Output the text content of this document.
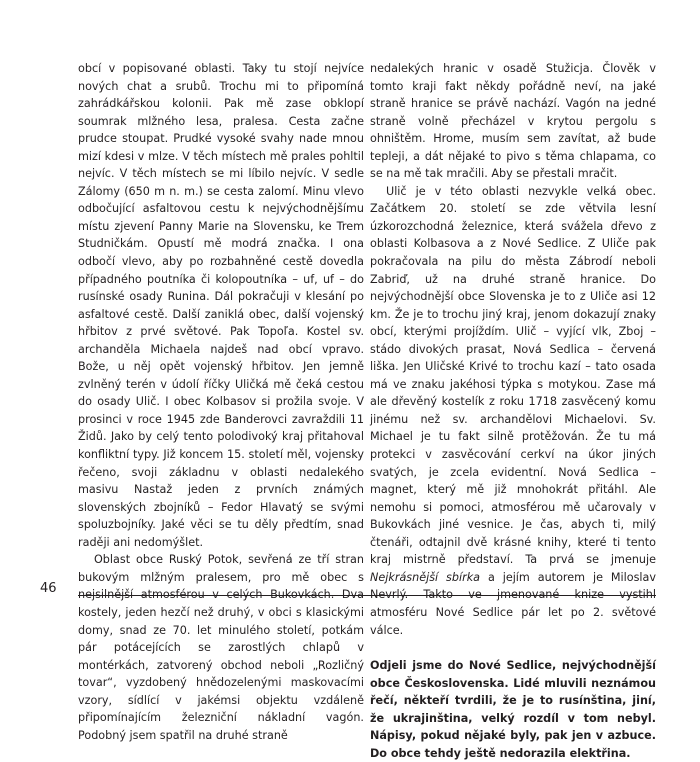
obcí v popisované oblasti. Taky tu stojí nejvíce nových chat a srubů. Trochu mi to připomíná zahrádkářskou kolonii. Pak mě zase obklopí soumrak mlžného lesa, pralesa. Cesta začne prudce stoupat. Prudké vysoké svahy nade mnou mizí kdesi v mlze. V těch místech mě prales pohltil nejvíc. V těch místech se mi líbilo nejvíc. V sedle Zálomy (650 m n. m.) se cesta zalomí. Minu vlevo odbočující asfaltovou cestu k nejvýchodnějšímu místu zjevení Panny Marie na Slovensku, ke Trem Studničkám. Opustí mě modrá značka. I ona odbočí vlevo, aby po rozbahněné cestě dovedla případného poutníka či kolopoutníka – uf, uf – do rusínské osady Runina. Dál pokračuji v klesání po asfaltové cestě. Další zaniklá obec, další vojenský hřbitov z prvé světové. Pak Topoľa. Kostel sv. archanděla Michaela najdeš nad obcí vpravo. Bože, u něj opět vojenský hřbitov. Jen jemně zvlněný terén v údolí říčky Uličká mě čeká cestou do osady Ulič. I obec Kolbasov si prožila svoje. V prosinci v roce 1945 zde Banderovci zavraždili 11 Židů. Jako by celý tento polodivoký kraj přitahoval konfliktní typy. Již koncem 15. století měl, vojensky řečeno, svoji základnu v oblasti nedalekého masivu Nastaž jeden z prvních známých slovenských zbojníků – Fedor Hlavatý se svými spoluzbojníky. Jaké věci se tu děly předtím, snad raději ani nedomýšlet.

Oblast obce Ruský Potok, sevřená ze tří stran bukovým mlžným pralesem, pro mě obec s nejsilnější atmosférou v celých Bukovkách. Dva kostely, jeden hezčí než druhý, v obci s klasickými domy, snad ze 70. let minulého století, potkám pár potácejících se zarostlých chlapů v montérkách, zatvorený obchod neboli „Rozličný tovar“, vyzdobený hnědozelenými maskovacími vzory, sídlící v jakémsi objektu vzdáleně připomínajícím železniční nákladní vagón. Podobný jsem spatřil na druhé straně

nedalekých hranic v osadě Stužicja. Člověk v tomto kraji fakt někdy pořádně neví, na jaké straně hranice se právě nachází. Vagón na jedné straně volně přecházel v krytou pergolu s ohništěm. Hrome, musím sem zavítat, až bude tepleji, a dát nějaké to pivo s těma chlapama, co se na mě tak mračili. Aby se přestali mračit.

Ulič je v této oblasti nezvykle velká obec. Začátkem 20. století se zde větvila lesní úzkorozchodná železnice, která svážela dřevo z oblasti Kolbasova a z Nové Sedlice. Z Uliče pak pokračovala na pilu do města Zábrodí neboli Zabriď, už na druhé straně hranice. Do nejvýchodnější obce Slovenska je to z Uliče asi 12 km. Že je to trochu jiný kraj, jenom dokazují znaky obcí, kterými projíždím. Ulič – vyjící vlk, Zboj – stádo divokých prasat, Nová Sedlica – červená liška. Jen Uličské Krivé to trochu kazí – tato osada má ve znaku jakéhosi týpka s motykou. Zase má ale dřevěný kostelík z roku 1718 zasvěcený komu jinému než sv. archandělovi Michaelovi. Sv. Michael je tu fakt silně protěžován. Že tu má protekci v zasvěcování cerkví na úkor jiných svatých, je zcela evidentní. Nová Sedlica – magnet, který mě již mnohokrát přitáhl. Ale nemohu si pomoci, atmosférou mě učarovaly v Bukovkách jiné vesnice. Je čas, abych ti, milý čtenáři, odtajnil dvě krásné knihy, které ti tento kraj mistrně představí. Ta prvá se jmenuje Nejkrásnější sbírka a jejím autorem je Miloslav Nevrlý. Takto ve jmenované knize vystihl atmosféru Nové Sedlice pár let po 2. světové válce.

Odjeli jsme do Nové Sedlice, nejvýchodnější obce Československa. Lidé mluvili neznámou řečí, někteří tvrdili, že je to rusínština, jiní, že ukrajinština, velký rozdíl v tom nebyl. Nápisy, pokud nějaké byly, pak jen v azbuce. Do obce tehdy ještě nedorazila elektřina.

46
